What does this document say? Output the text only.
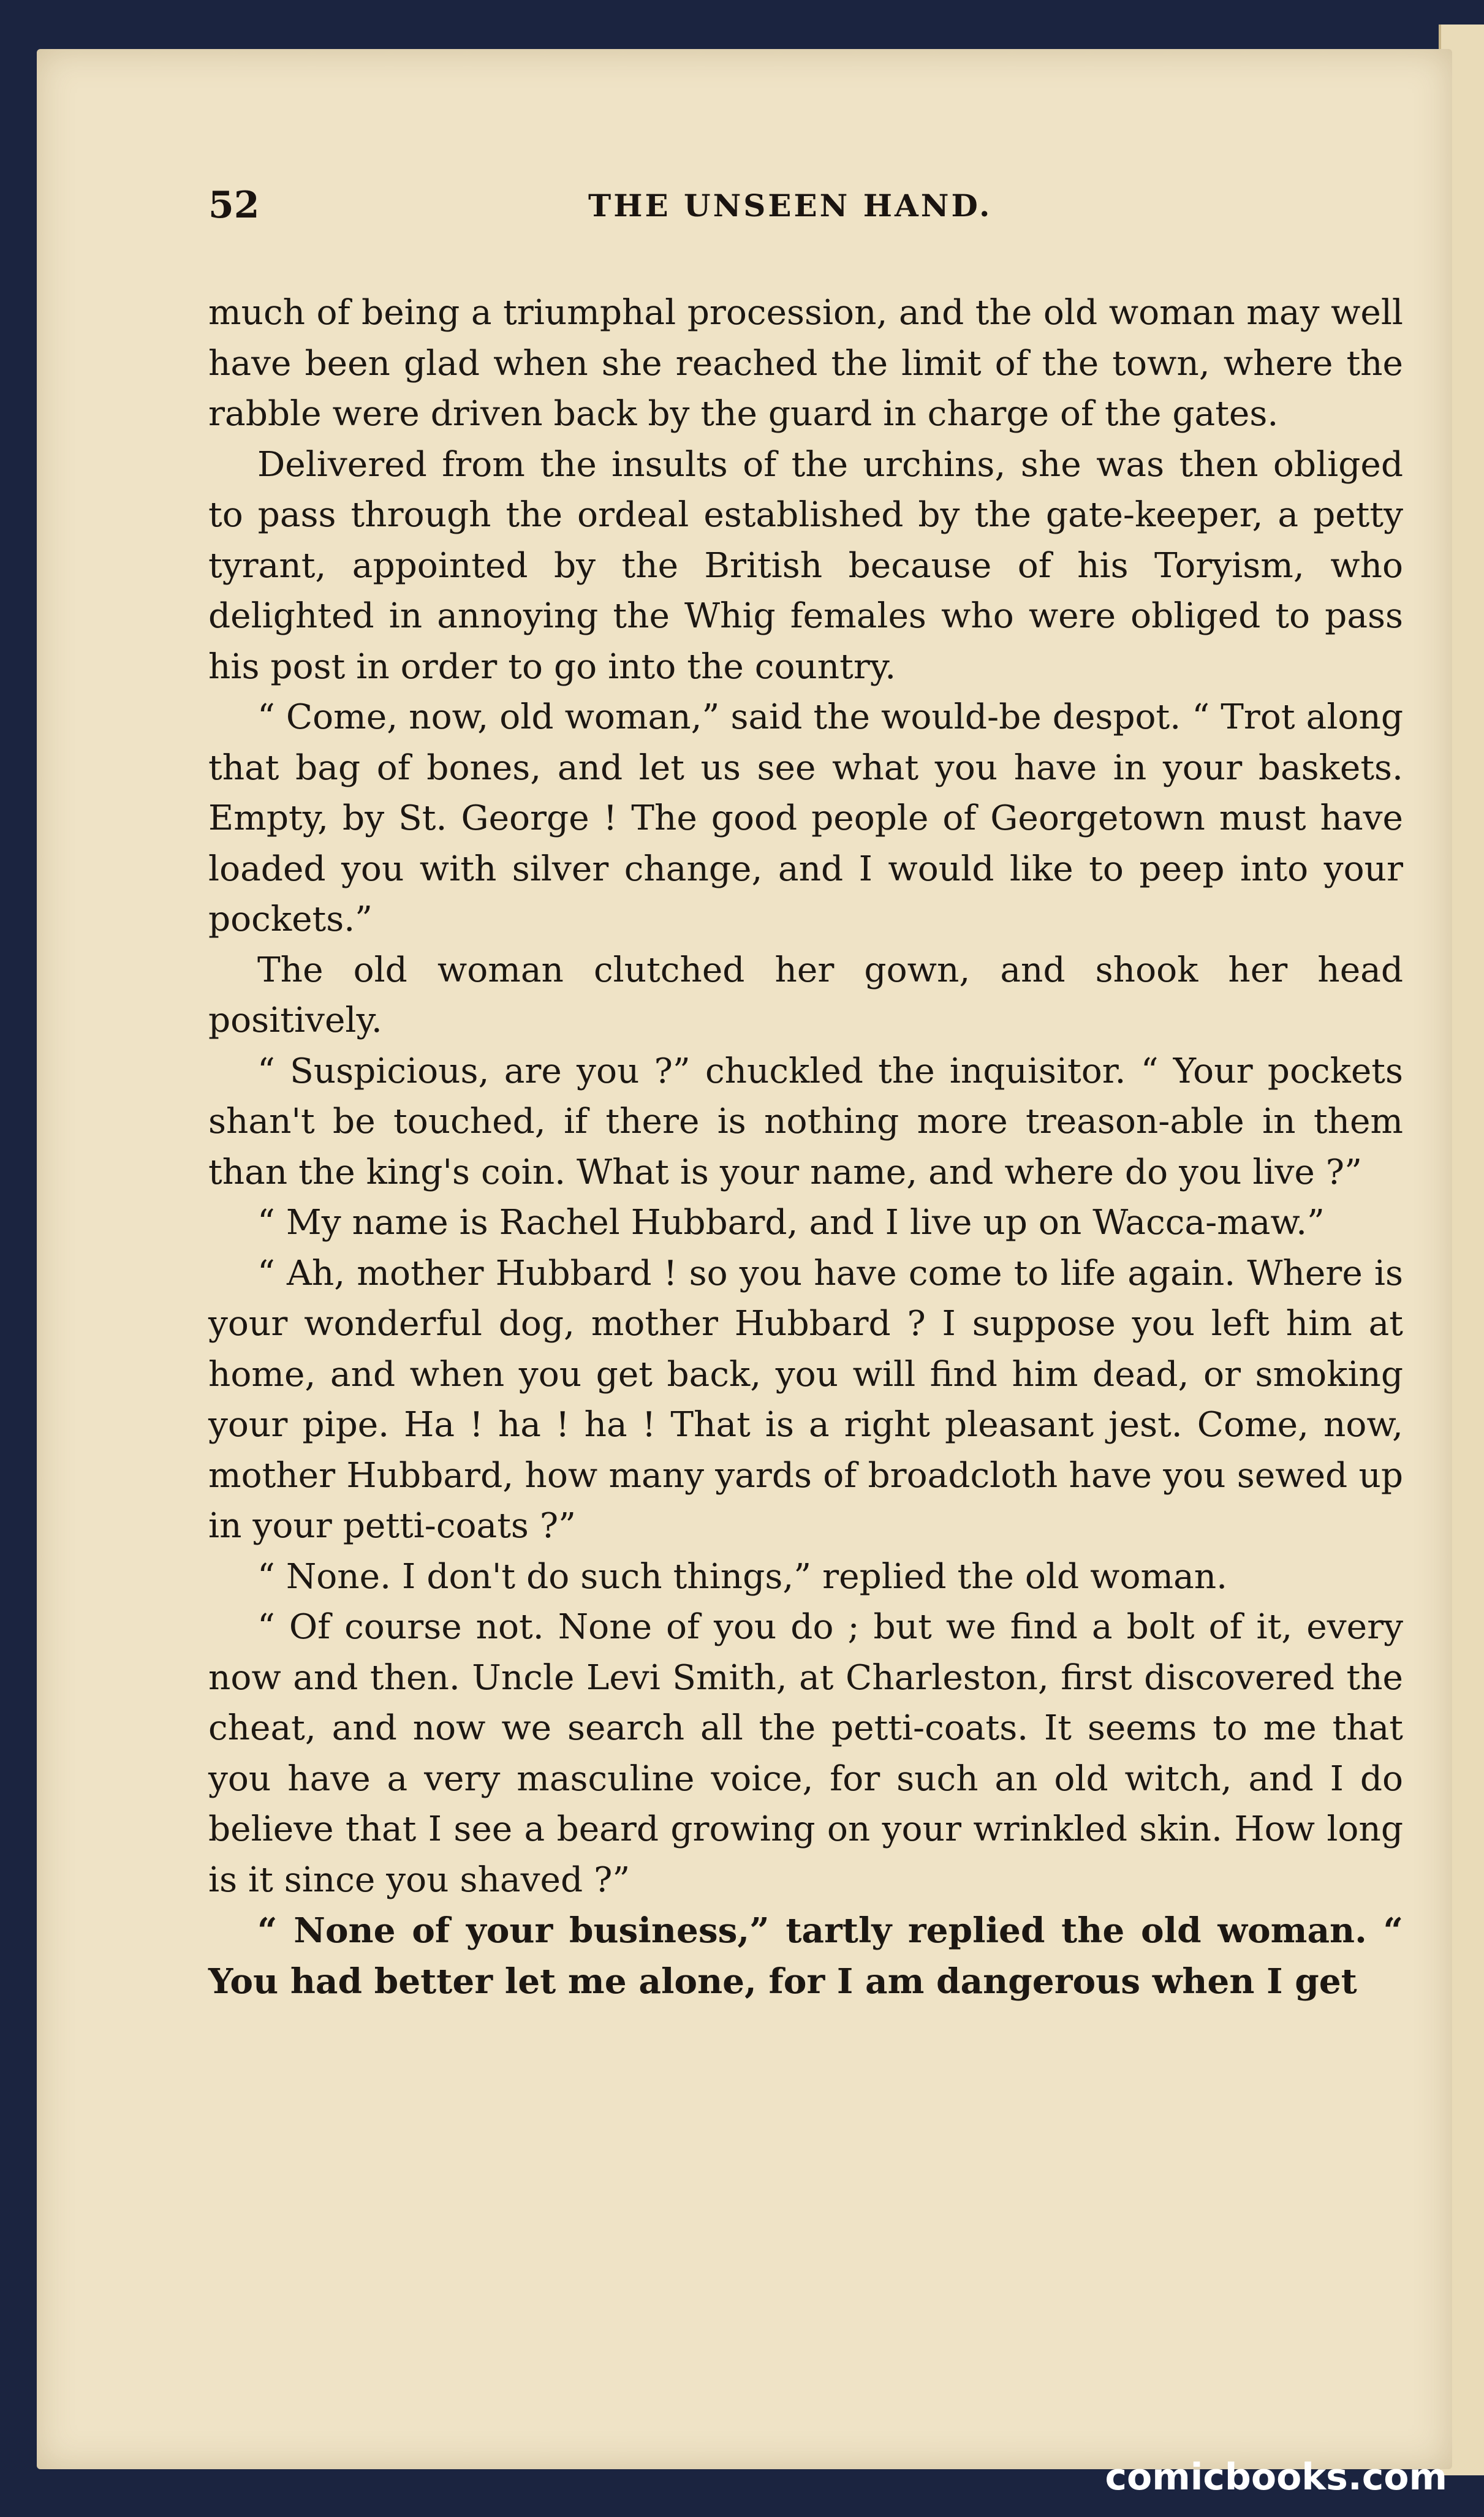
52	THE UNSEEN HAND.

much of being a triumphal procession, and the old woman may well have been glad when she reached the limit of the town, where the rabble were driven back by the guard in charge of the gates.

Delivered from the insults of the urchins, she was then obliged to pass through the ordeal established by the gate-keeper, a petty tyrant, appointed by the British because of his Toryism, who delighted in annoying the Whig females who were obliged to pass his post in order to go into the country.

“ Come, now, old woman,” said the would-be despot. “ Trot along that bag of bones, and let us see what you have in your baskets. Empty, by St. George ! The good people of Georgetown must have loaded you with silver change, and I would like to peep into your pockets.”

The old woman clutched her gown, and shook her head positively.

“ Suspicious, are you ?” chuckled the inquisitor. “ Your pockets shan't be touched, if there is nothing more treason-able in them than the king's coin. What is your name, and where do you live ?”

“ My name is Rachel Hubbard, and I live up on Wacca-maw.”

“ Ah, mother Hubbard ! so you have come to life again. Where is your wonderful dog, mother Hubbard ? I suppose you left him at home, and when you get back, you will find him dead, or smoking your pipe. Ha ! ha ! ha ! That is a right pleasant jest. Come, now, mother Hubbard, how many yards of broadcloth have you sewed up in your petti-coats ?”

“ None. I don't do such things,” replied the old woman.

“ Of course not. None of you do ; but we find a bolt of it, every now and then. Uncle Levi Smith, at Charleston, first discovered the cheat, and now we search all the petti-coats. It seems to me that you have a very masculine voice, for such an old witch, and I do believe that I see a beard growing on your wrinkled skin. How long is it since you shaved ?”

“ None of your business,” tartly replied the old woman. “ You had better let me alone, for I am dangerous when I get

comicbooks.com
